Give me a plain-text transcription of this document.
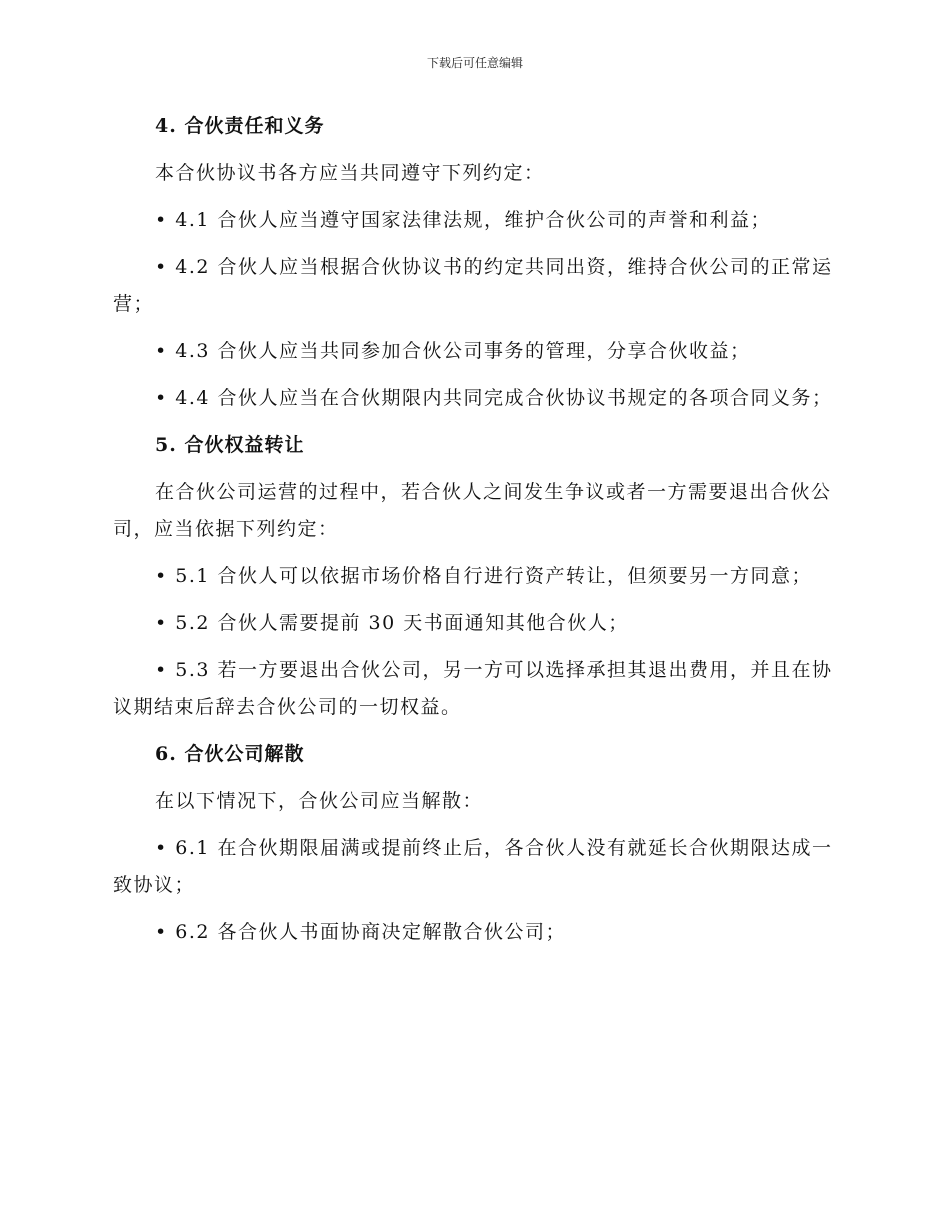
下载后可任意编辑
4. 合伙责任和义务
本合伙协议书各方应当共同遵守下列约定：
• 4.1 合伙人应当遵守国家法律法规，维护合伙公司的声誉和利益；
• 4.2 合伙人应当根据合伙协议书的约定共同出资，维持合伙公司的正常运营；
• 4.3 合伙人应当共同参加合伙公司事务的管理，分享合伙收益；
• 4.4 合伙人应当在合伙期限内共同完成合伙协议书规定的各项合同义务；
5. 合伙权益转让
在合伙公司运营的过程中，若合伙人之间发生争议或者一方需要退出合伙公司，应当依据下列约定：
• 5.1 合伙人可以依据市场价格自行进行资产转让，但须要另一方同意；
• 5.2 合伙人需要提前 30 天书面通知其他合伙人；
• 5.3 若一方要退出合伙公司，另一方可以选择承担其退出费用，并且在协议期结束后辞去合伙公司的一切权益。
6. 合伙公司解散
在以下情况下，合伙公司应当解散：
• 6.1 在合伙期限届满或提前终止后，各合伙人没有就延长合伙期限达成一致协议；
• 6.2 各合伙人书面协商决定解散合伙公司；
